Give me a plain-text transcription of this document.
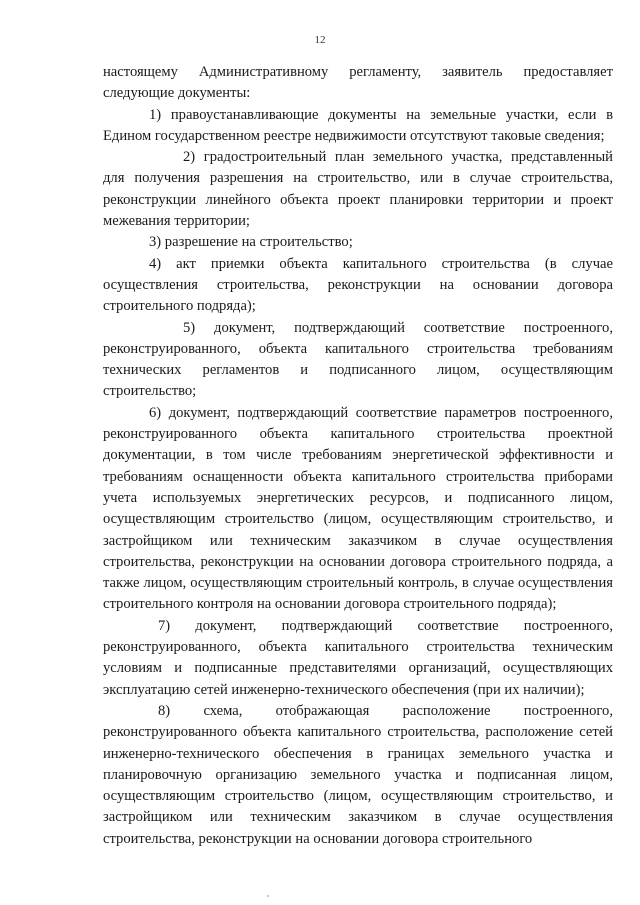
12

настоящему Административному регламенту, заявитель предоставляет следующие документы:

1) правоустанавливающие документы на земельные участки, если в Едином государственном реестре недвижимости отсутствуют таковые сведения;

2) градостроительный план земельного участка, представленный для получения разрешения на строительство, или в случае строительства, реконструкции линейного объекта проект планировки территории и проект межевания территории;

3) разрешение на строительство;

4) акт приемки объекта капитального строительства (в случае осуществления строительства, реконструкции на основании договора строительного подряда);

5) документ, подтверждающий соответствие построенного, реконструированного, объекта капитального строительства требованиям технических регламентов и подписанного лицом, осуществляющим строительство;

6) документ, подтверждающий соответствие параметров построенного, реконструированного объекта капитального строительства проектной документации, в том числе требованиям энергетической эффективности и требованиям оснащенности объекта капитального строительства приборами учета используемых энергетических ресурсов, и подписанного лицом, осуществляющим строительство (лицом, осуществляющим строительство, и застройщиком или техническим заказчиком в случае осуществления строительства, реконструкции на основании договора строительного подряда, а также лицом, осуществляющим строительный контроль, в случае осуществления строительного контроля на основании договора строительного подряда);

7) документ, подтверждающий соответствие построенного, реконструированного, объекта капитального строительства техническим условиям и подписанные представителями организаций, осуществляющих эксплуатацию сетей инженерно-технического обеспечения (при их наличии);

8) схема, отображающая расположение построенного, реконструированного объекта капитального строительства, расположение сетей инженерно-технического обеспечения в границах земельного участка и планировочную организацию земельного участка и подписанная лицом, осуществляющим строительство (лицом, осуществляющим строительство, и застройщиком или техническим заказчиком в случае осуществления строительства, реконструкции на основании договора строительного
